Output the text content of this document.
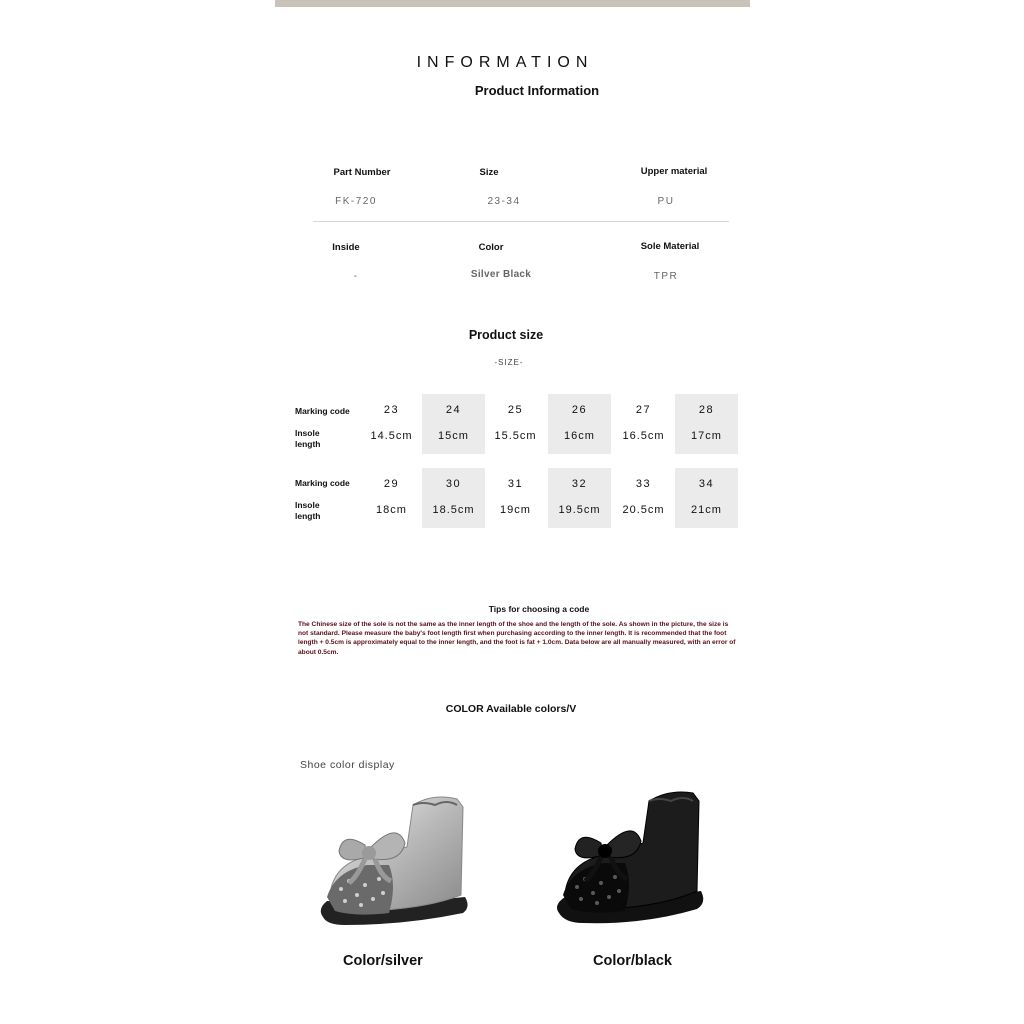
INFORMATION
Product Information
Part Number
FK-720
Size
23-34
Upper material
PU
Inside
-
Color
Silver Black
Sole Material
TPR
Product size
-SIZE-
Marking code
Insole length
23
14.5cm
24
15cm
25
15.5cm
26
16cm
27
16.5cm
28
17cm
Marking code
Insole length
29
18cm
30
18.5cm
31
19cm
32
19.5cm
33
20.5cm
34
21cm
Tips for choosing a code
The Chinese size of the sole is not the same as the inner length of the shoe and the length of the sole. As shown in the picture, the size is not standard. Please measure the baby's foot length first when purchasing according to the inner length. It is recommended that the foot length + 0.5cm is approximately equal to the inner length, and the foot is fat + 1.0cm. Data below are all manually measured, with an error of about 0.5cm.
COLOR Available colors/V
Shoe color display
Color/silver	Color/black
